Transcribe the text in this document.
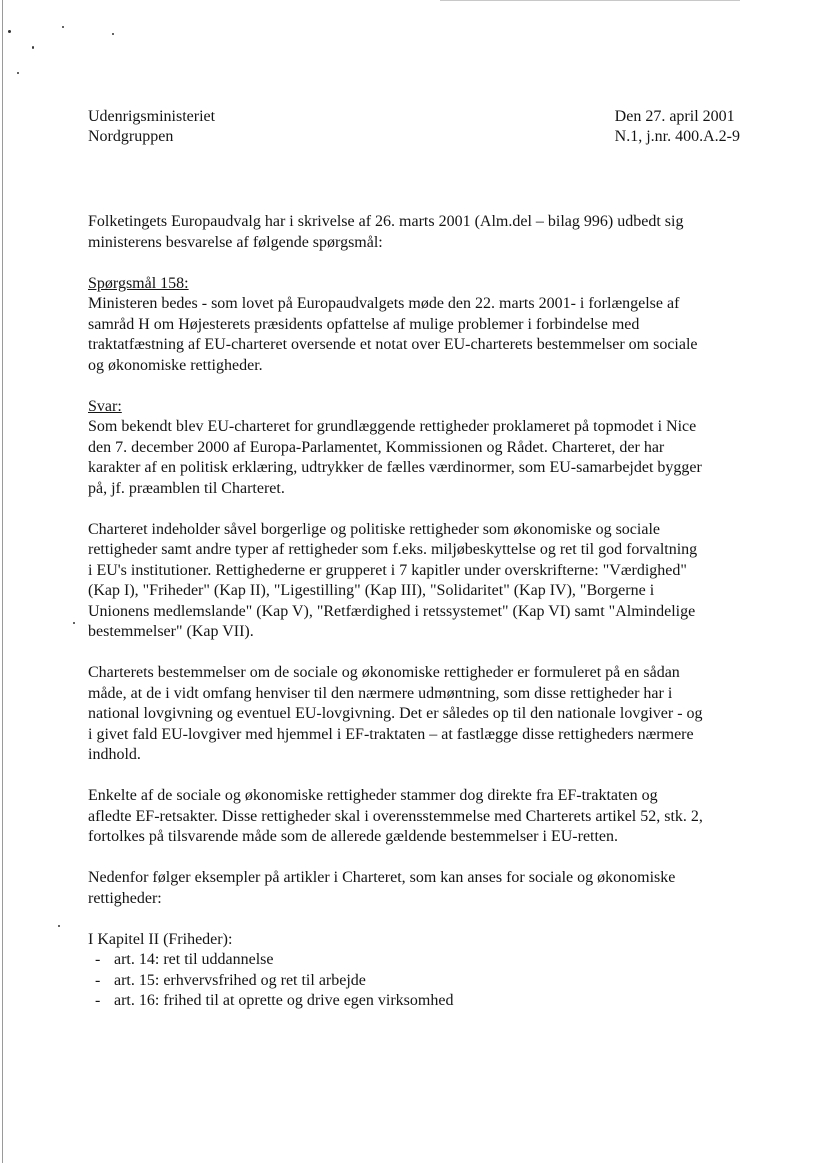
Udenrigsministeriet
Nordgruppen
Den 27. april 2001
N.1, j.nr. 400.A.2-9

Folketingets Europaudvalg har i skrivelse af 26. marts 2001 (Alm.del – bilag 996) udbedt sig
ministerens besvarelse af følgende spørgsmål:

Spørgsmål 158:
Ministeren bedes - som lovet på Europaudvalgets møde den 22. marts 2001- i forlængelse af
samråd H om Højesterets præsidents opfattelse af mulige problemer i forbindelse med
traktatfæstning af EU-charteret oversende et notat over EU-charterets bestemmelser om sociale
og økonomiske rettigheder.
Svar:
Som bekendt blev EU-charteret for grundlæggende rettigheder proklameret på topmodet i Nice
den 7. december 2000 af Europa-Parlamentet, Kommissionen og Rådet. Charteret, der har
karakter af en politisk erklæring, udtrykker de fælles værdinormer, som EU-samarbejdet bygger
på, jf. præamblen til Charteret.
Charteret indeholder såvel borgerlige og politiske rettigheder som økonomiske og sociale
rettigheder samt andre typer af rettigheder som f.eks. miljøbeskyttelse og ret til god forvaltning
i EU's institutioner. Rettighederne er grupperet i 7 kapitler under overskrifterne: "Værdighed"
(Kap I), "Friheder" (Kap II), "Ligestilling" (Kap III), "Solidaritet" (Kap IV), "Borgerne i
Unionens medlemslande" (Kap V), "Retfærdighed i retssystemet" (Kap VI) samt "Almindelige
bestemmelser" (Kap VII).
Charterets bestemmelser om de sociale og økonomiske rettigheder er formuleret på en sådan
måde, at de i vidt omfang henviser til den nærmere udmøntning, som disse rettigheder har i
national lovgivning og eventuel EU-lovgivning. Det er således op til den nationale lovgiver - og
i givet fald EU-lovgiver med hjemmel i EF-traktaten – at fastlægge disse rettigheders nærmere
indhold.
Enkelte af de sociale og økonomiske rettigheder stammer dog direkte fra EF-traktaten og
afledte EF-retsakter. Disse rettigheder skal i overensstemmelse med Charterets artikel 52, stk. 2,
fortolkes på tilsvarende måde som de allerede gældende bestemmelser i EU-retten.
Nedenfor følger eksempler på artikler i Charteret, som kan anses for sociale og økonomiske
rettigheder:
I Kapitel II (Friheder):
- art. 14: ret til uddannelse
- art. 15: erhvervsfrihed og ret til arbejde
- art. 16: frihed til at oprette og drive egen virksomhed
